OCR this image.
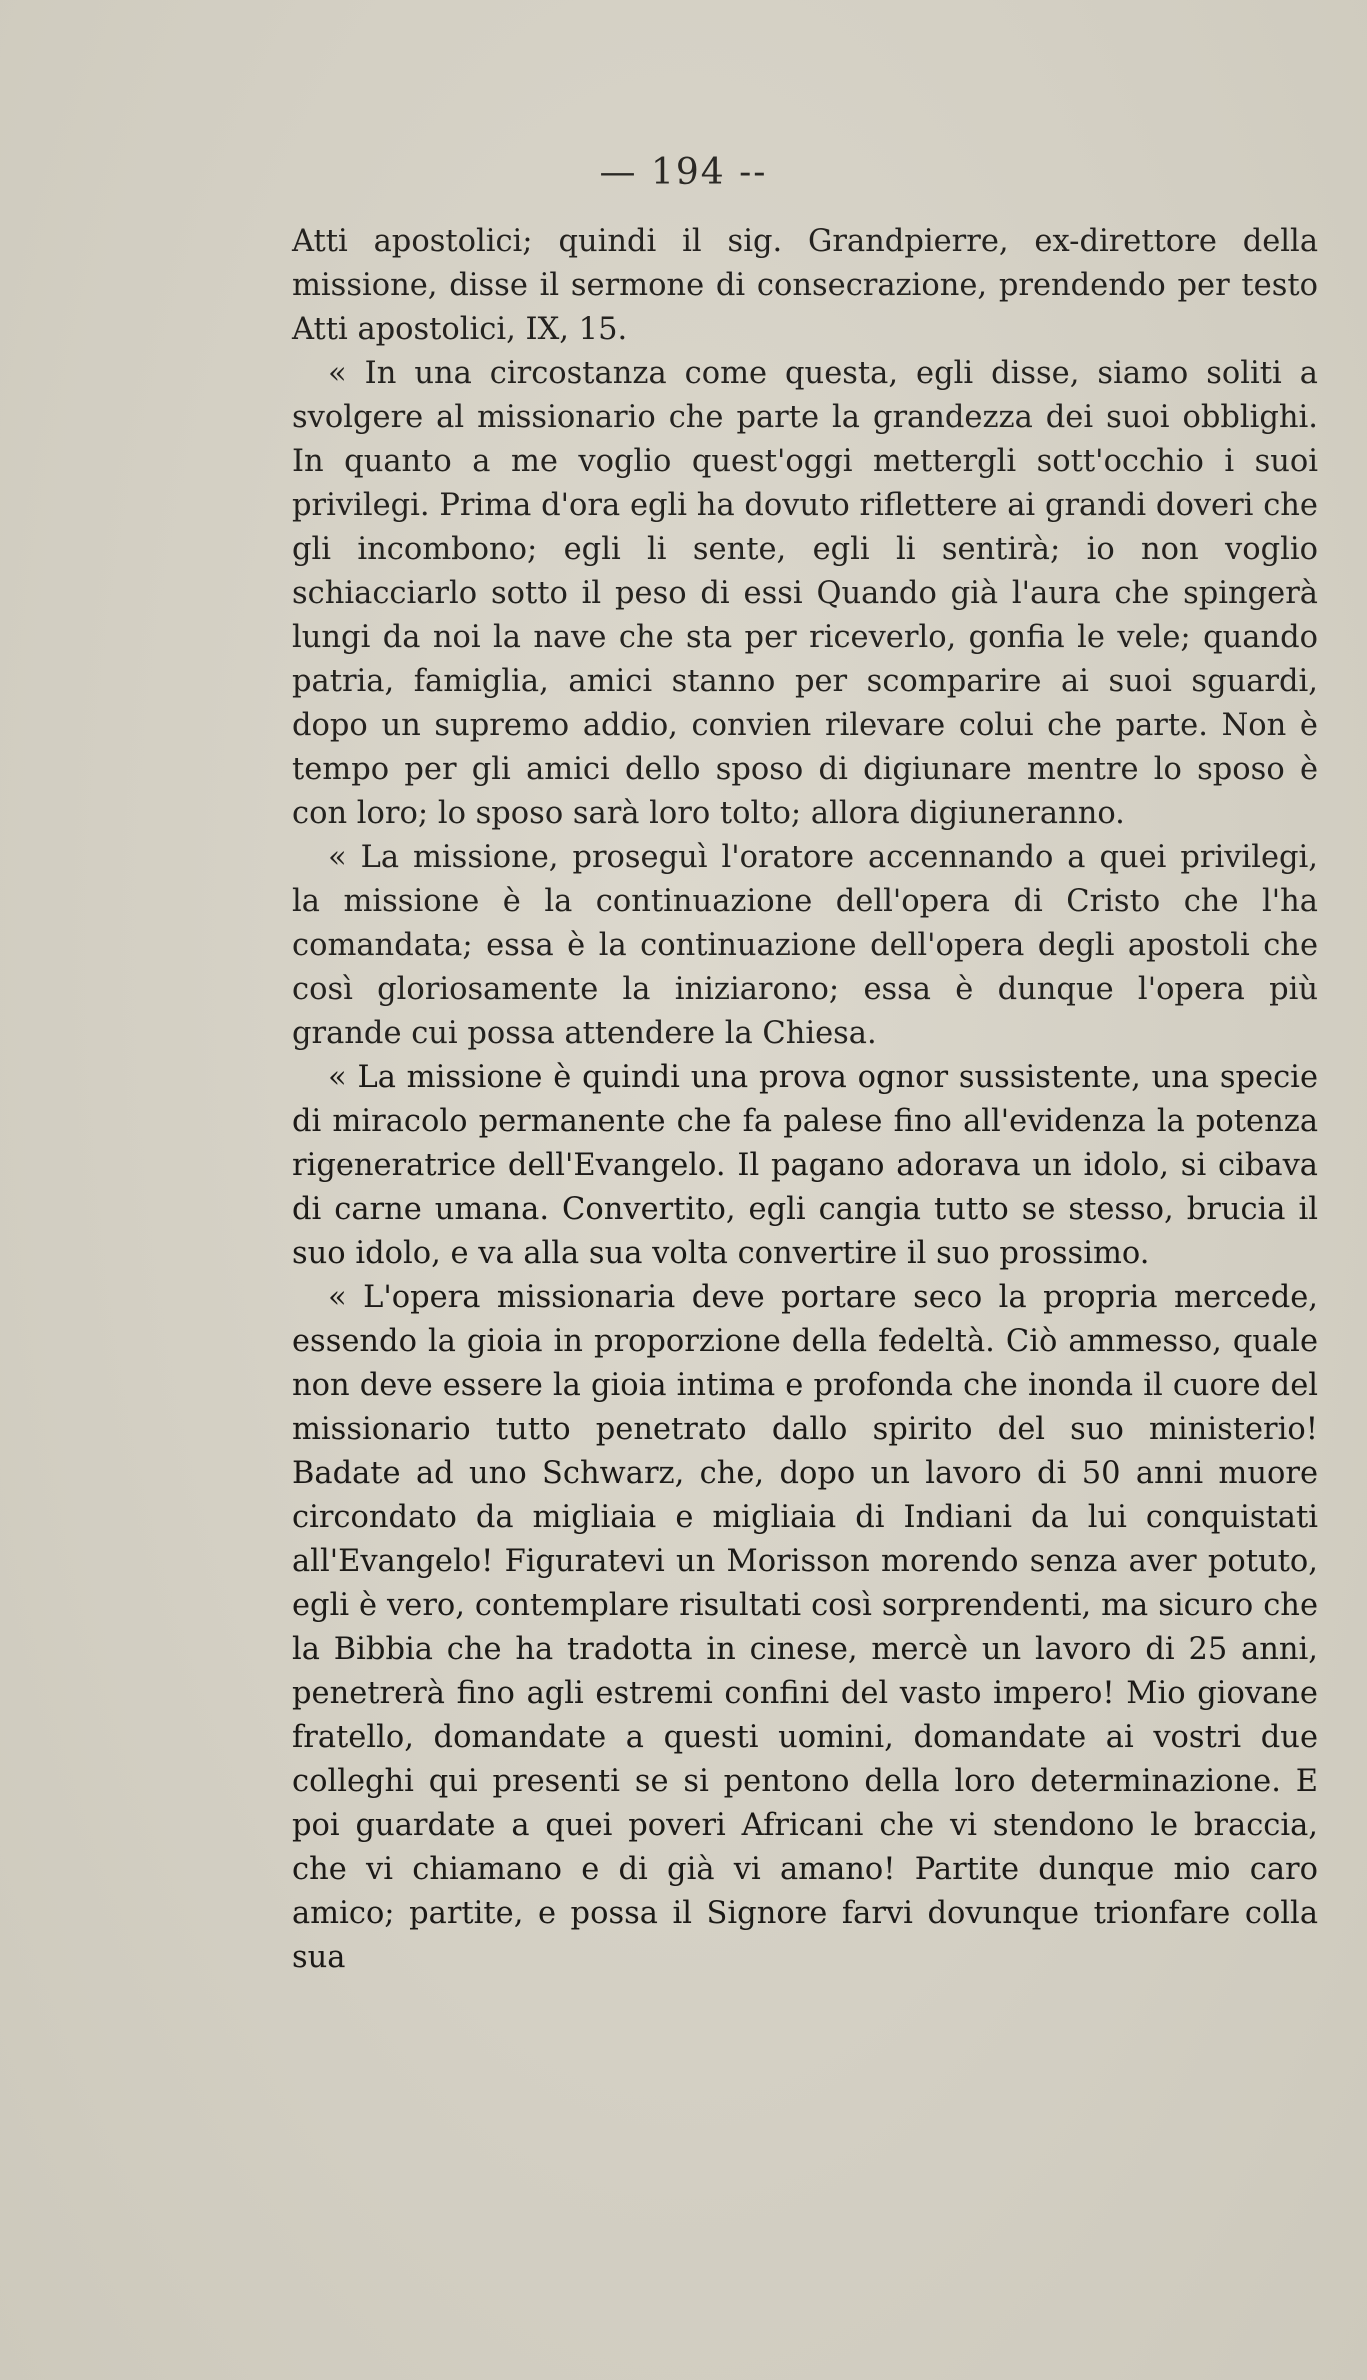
— 194 --

Atti apostolici; quindi il sig. Grandpierre, ex-direttore della missione, disse il sermone di consecrazione, prendendo per testo Atti apostolici, IX, 15.

« In una circostanza come questa, egli disse, siamo soliti a svolgere al missionario che parte la grandezza dei suoi obblighi. In quanto a me voglio quest'oggi mettergli sott'occhio i suoi privilegi. Prima d'ora egli ha dovuto riflettere ai grandi doveri che gli incombono; egli li sente, egli li sentirà; io non voglio schiacciarlo sotto il peso di essi Quando già l'aura che spingerà lungi da noi la nave che sta per riceverlo, gonfia le vele; quando patria, famiglia, amici stanno per scomparire ai suoi sguardi, dopo un supremo addio, convien rilevare colui che parte. Non è tempo per gli amici dello sposo di digiunare mentre lo sposo è con loro; lo sposo sarà loro tolto; allora digiuneranno.

« La missione, proseguì l'oratore accennando a quei privilegi, la missione è la continuazione dell'opera di Cristo che l'ha comandata; essa è la continuazione dell'opera degli apostoli che così gloriosamente la iniziarono; essa è dunque l'opera più grande cui possa attendere la Chiesa.

« La missione è quindi una prova ognor sussistente, una specie di miracolo permanente che fa palese fino all'evidenza la potenza rigeneratrice dell'Evangelo. Il pagano adorava un idolo, si cibava di carne umana. Convertito, egli cangia tutto se stesso, brucia il suo idolo, e va alla sua volta convertire il suo prossimo.

« L'opera missionaria deve portare seco la propria mercede, essendo la gioia in proporzione della fedeltà. Ciò ammesso, quale non deve essere la gioia intima e profonda che inonda il cuore del missionario tutto penetrato dallo spirito del suo ministerio! Badate ad uno Schwarz, che, dopo un lavoro di 50 anni muore circondato da migliaia e migliaia di Indiani da lui conquistati all'Evangelo! Figuratevi un Morisson morendo senza aver potuto, egli è vero, contemplare risultati così sorprendenti, ma sicuro che la Bibbia che ha tradotta in cinese, mercè un lavoro di 25 anni, penetrerà fino agli estremi confini del vasto impero! Mio giovane fratello, domandate a questi uomini, domandate ai vostri due colleghi qui presenti se si pentono della loro determinazione. E poi guardate a quei poveri Africani che vi stendono le braccia, che vi chiamano e di già vi amano! Partite dunque mio caro amico; partite, e possa il Signore farvi dovunque trionfare colla sua
